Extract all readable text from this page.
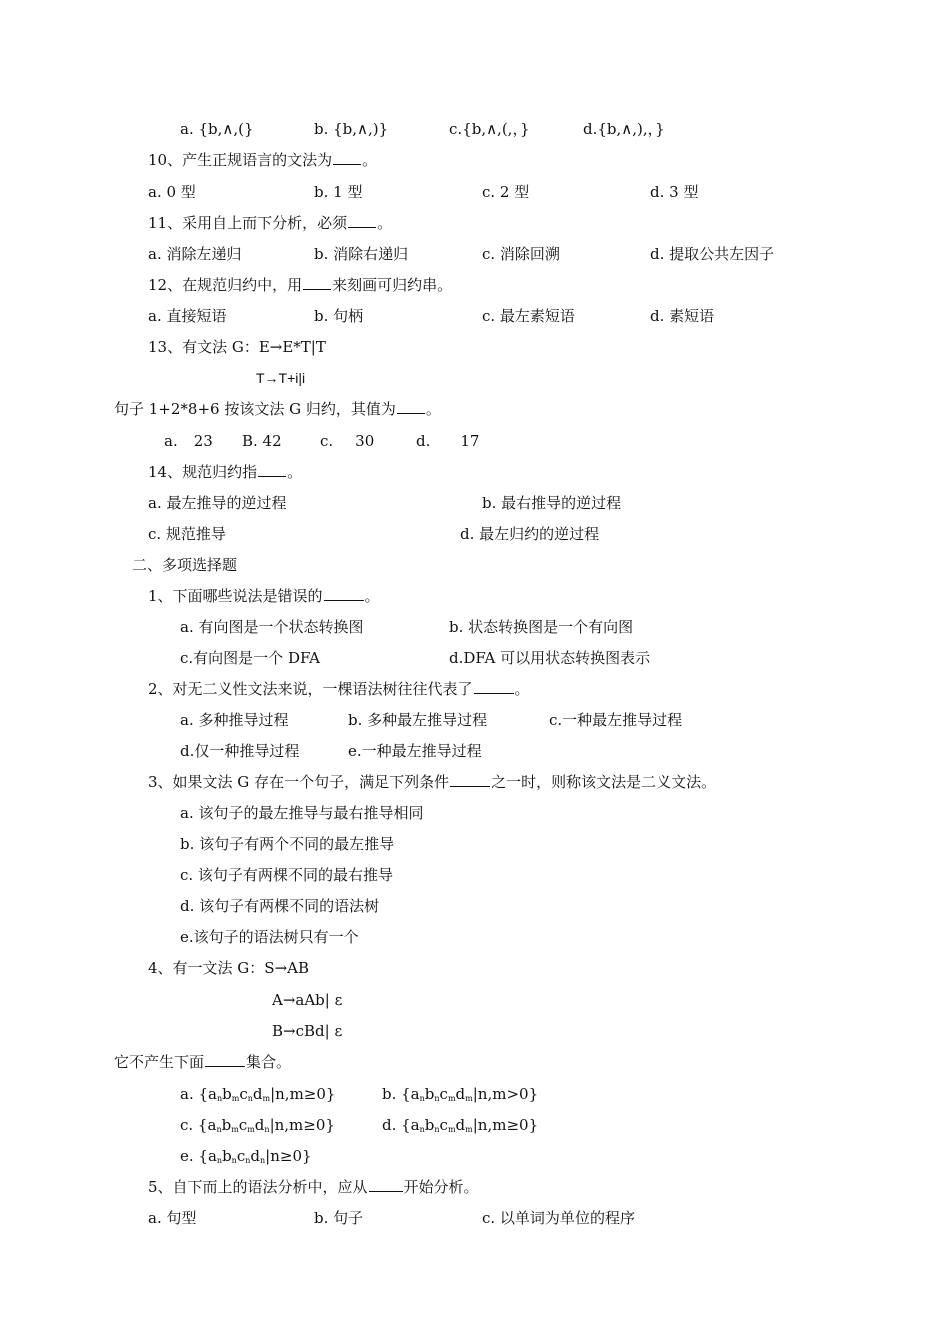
a. {b,∧,(}	b. {b,∧,)}	c.{b,∧,(,，}	d.{b,∧,),，}
10、产生正规语言的文法为 。
a. 0 型	b. 1 型	c. 2 型	d. 3 型
11、采用自上而下分析，必须 。
a. 消除左递归	b. 消除右递归	c. 消除回溯	d. 提取公共左因子
12、在规范归约中，用 来刻画可归约串。
a. 直接短语	b. 句柄	c. 最左素短语	d. 素短语
13、有文法 G：E→E*T|T
T→T+i|i
句子 1+2*8+6 按该文法 G 归约，其值为 。
a. 23 B. 42	c. 30	d. 17
14、规范归约指 。
a. 最左推导的逆过程	b. 最右推导的逆过程
c. 规范推导	d. 最左归约的逆过程
二、多项选择题
1、下面哪些说法是错误的	。
a. 有向图是一个状态转换图	b. 状态转换图是一个有向图
c.有向图是一个 DFA	d.DFA 可以用状态转换图表示
2、对无二义性文法来说，一棵语法树往往代表了	。
a. 多种推导过程	b. 多种最左推导过程	c.一种最左推导过程
d.仅一种推导过程	e.一种最左推导过程
3、如果文法 G 存在一个句子，满足下列条件	之一时，则称该文法是二义文法。
a. 该句子的最左推导与最右推导相同
b. 该句子有两个不同的最左推导
c. 该句子有两棵不同的最右推导
d. 该句子有两棵不同的语法树
e.该句子的语法树只有一个
4、有一文法 G：S→AB
A→aAb| ε
B→cBd| ε
它不产生下面	集合。
a. $\{a_nb_mc_nd_m|n,m\ge 0\}$	b. $\{a_nb_nc_md_m|n,m>0\}$
c. $\{a_nb_mc_md_n|n,m\ge 0\}$	d. $\{a_nb_nc_md_m|n,m\ge 0\}$
e. $\{a_nb_nc_nd_n|n\ge 0\}$
5、自下而上的语法分析中，应从 开始分析。
a. 句型	b. 句子	c. 以单词为单位的程序
